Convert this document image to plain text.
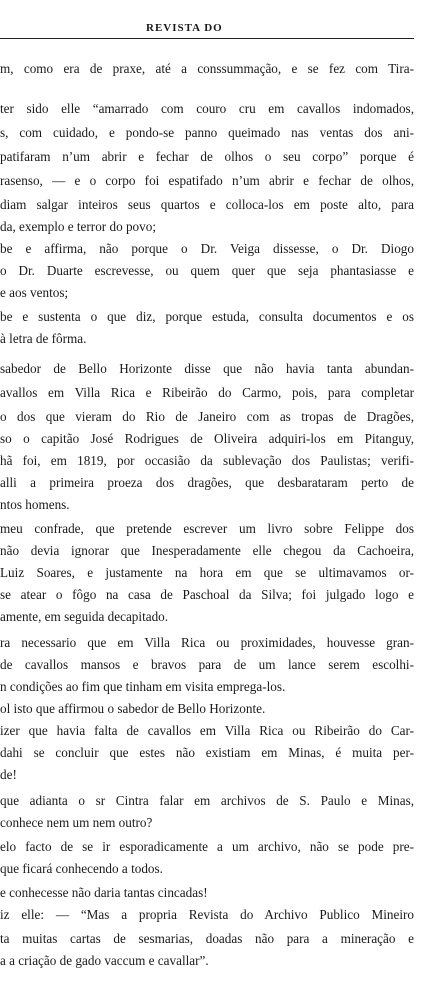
REVISTA DO
m, como era de praxe, até a conssummação, e se fez com Tira-
ter sido elle “amarrado com couro cru em cavallos indomados,
s, com cuidado, e pondo-se panno queimado nas ventas dos ani-
patifaram n’um abrir e fechar de olhos o seu corpo” porque é
rasenso, — e o corpo foi espatifado n’um abrir e fechar de olhos,
diam salgar inteiros seus quartos e colloca-los em poste alto, para
da, exemplo e terror do povo;
be e affirma, não porque o Dr. Veiga dissesse, o Dr. Diogo
o Dr. Duarte escrevesse, ou quem quer que seja phantasiasse e
e aos ventos;
be e sustenta o que diz, porque estuda, consulta documentos e os
à letra de fôrma.
sabedor de Bello Horizonte disse que não havia tanta abundan-
avallos em Villa Rica e Ribeirão do Carmo, pois, para completar
o dos que vieram do Rio de Janeiro com as tropas de Dragões,
so o capitão José Rodrigues de Oliveira adquiri-los em Pitanguy,
hã foi, em 1819, por occasião da sublevação dos Paulistas; verifi-
alli a primeira proeza dos dragões, que desbarataram perto de
ntos homens.
meu confrade, que pretende escrever um livro sobre Felippe dos
não devia ignorar que Inesperadamente elle chegou da Cachoeira,
Luiz Soares, e justamente na hora em que se ultimavamos or-
se atear o fôgo na casa de Paschoal da Silva; foi julgado logo e
amente, em seguida decapitado.
ra necessario que em Villa Rica ou proximidades, houvesse gran-
de cavallos mansos e bravos para de um lance serem escolhi-
n condições ao fim que tinham em visita emprega-los.
ol isto que affirmou o sabedor de Bello Horizonte.
izer que havia falta de cavallos em Villa Rica ou Ribeirão do Car-
dahi se concluir que estes não existiam em Minas, é muita per-
de!
que adianta o sr Cintra falar em archivos de S. Paulo e Minas,
conhece nem um nem outro?
elo facto de se ir esporadicamente a um archivo, não se pode pre-
que ficará conhecendo a todos.
e conhecesse não daria tantas cincadas!
iz elle: — “Mas a propria Revista do Archivo Publico Mineiro
ta muitas cartas de sesmarias, doadas não para a mineração e
a a criação de gado vaccum e cavallar”.
